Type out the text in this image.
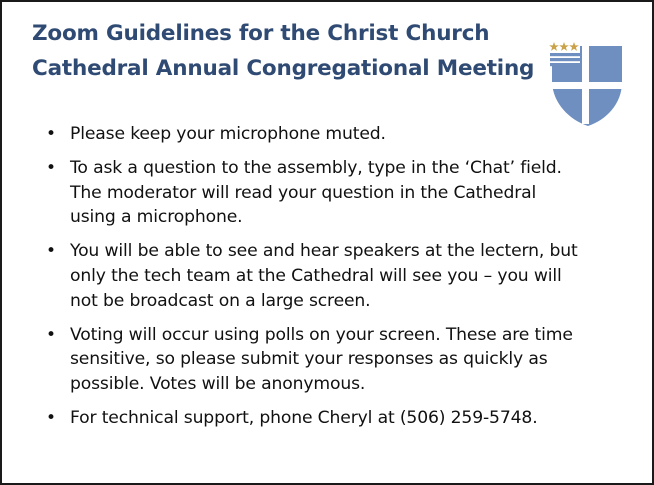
Zoom Guidelines for the Christ Church
Cathedral Annual Congregational Meeting
• Please keep your microphone muted.
• To ask a question to the assembly, type in the ‘Chat’ field.
The moderator will read your question in the Cathedral
using a microphone.
• You will be able to see and hear speakers at the lectern, but
only the tech team at the Cathedral will see you – you will
not be broadcast on a large screen.
• Voting will occur using polls on your screen. These are time
sensitive, so please submit your responses as quickly as
possible. Votes will be anonymous.
• For technical support, phone Cheryl at (506) 259-5748.
